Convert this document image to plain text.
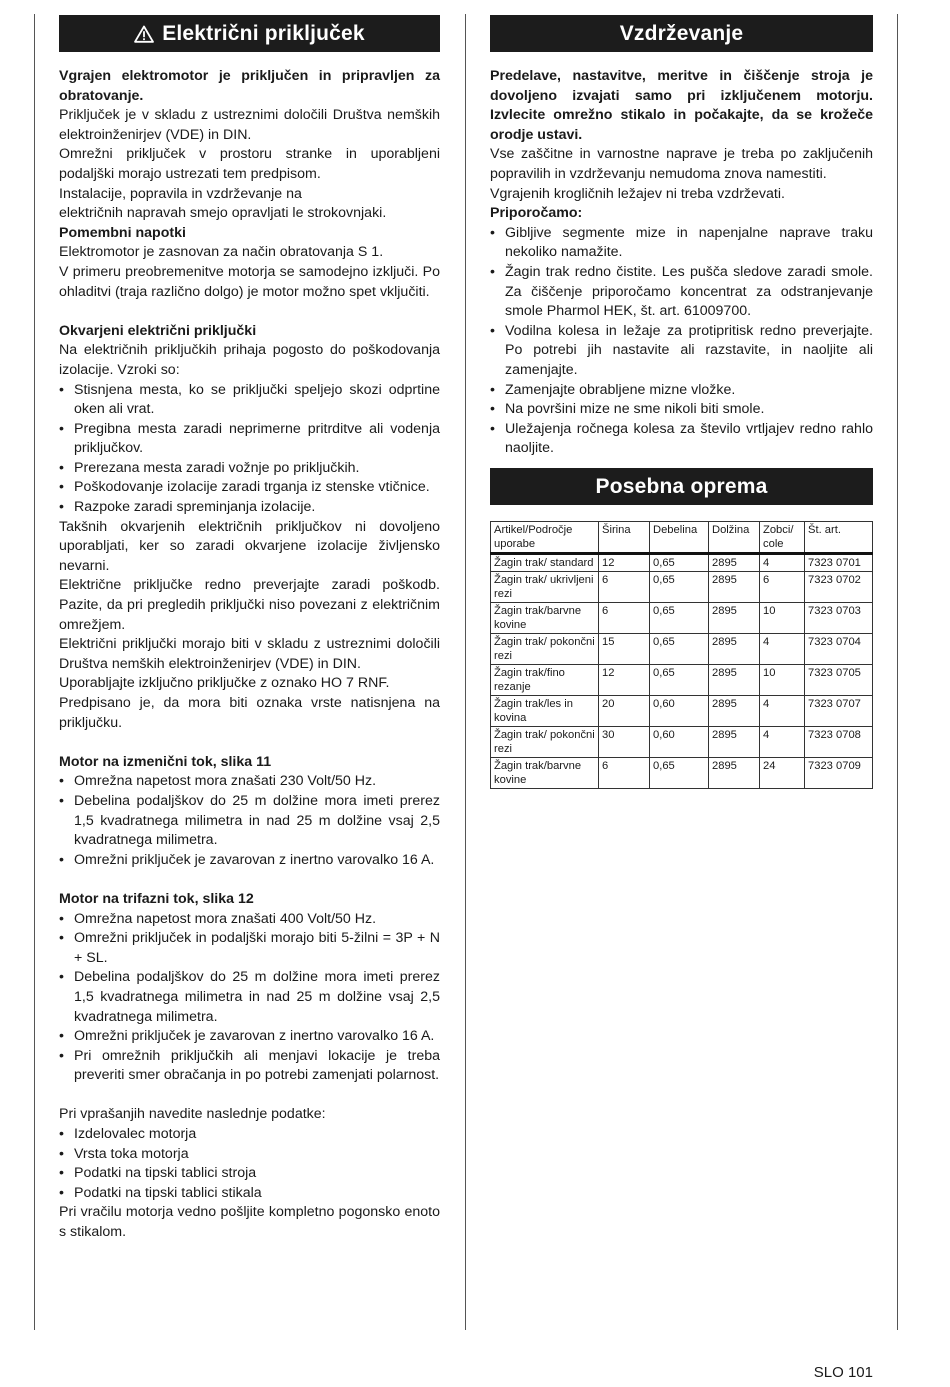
Električni priključek

Vgrajen elektromotor je priključen in pripravljen za obratovanje.

Priključek je v skladu z ustreznimi določili Društva nemških elektroinženirjev (VDE) in DIN.

Omrežni priključek v prostoru stranke in uporabljeni podaljški morajo ustrezati tem predpisom.

Instalacije, popravila in vzdrževanje na

električnih napravah smejo opravljati le strokovnjaki.

Pomembni napotki

Elektromotor je zasnovan za način obratovanja S 1.

V primeru preobremenitve motorja se samodejno izključi. Po ohladitvi (traja različno dolgo) je motor možno spet vključiti.

Okvarjeni električni priključki

Na električnih priključkih prihaja pogosto do poškodovanja izolacije. Vzroki so:

• Stisnjena mesta, ko se priključki speljejo skozi odprtine oken ali vrat.
• Pregibna mesta zaradi neprimerne pritrditve ali vodenja priključkov.
• Prerezana mesta zaradi vožnje po priključkih.
• Poškodovanje izolacije zaradi trganja iz stenske vtičnice.
• Razpoke zaradi spreminjanja izolacije.

Takšnih okvarjenih električnih priključkov ni dovoljeno uporabljati, ker so zaradi okvarjene izolacije življensko nevarni.

Električne priključke redno preverjajte zaradi poškodb. Pazite, da pri pregledih priključki niso povezani z električnim omrežjem.

Električni priključki morajo biti v skladu z ustreznimi določili Društva nemških elektroinženirjev (VDE) in DIN.

Uporabljajte izključno priključke z oznako HO 7 RNF.

Predpisano je, da mora biti oznaka vrste natisnjena na priključku.

Motor na izmenični tok, slika 11

• Omrežna napetost mora znašati 230 Volt/50 Hz.
• Debelina podaljškov do 25 m dolžine mora imeti prerez 1,5 kvadratnega milimetra in nad 25 m dolžine vsaj 2,5 kvadratnega milimetra.
• Omrežni priključek je zavarovan z inertno varovalko 16 A.

Motor na trifazni tok, slika 12

• Omrežna napetost mora znašati 400 Volt/50 Hz.
• Omrežni priključek in podaljški morajo biti 5-žilni = 3P + N + SL.
• Debelina podaljškov do 25 m dolžine mora imeti prerez 1,5 kvadratnega milimetra in nad 25 m dolžine vsaj 2,5 kvadratnega milimetra.
• Omrežni priključek je zavarovan z inertno varovalko 16 A.
• Pri omrežnih priključkih ali menjavi lokacije je treba preveriti smer obračanja in po potrebi zamenjati polarnost.

Pri vprašanjih navedite naslednje podatke:

• Izdelovalec motorja
• Vrsta toka motorja
• Podatki na tipski tablici stroja
• Podatki na tipski tablici stikala

Pri vračilu motorja vedno pošljite kompletno pogonsko enoto s stikalom.

Vzdrževanje

Predelave, nastavitve, meritve in čiščenje stroja je dovoljeno izvajati samo pri izključenem motorju. Izvlecite omrežno stikalo in počakajte, da se krožeče orodje ustavi.

Vse zaščitne in varnostne naprave je treba po zaključenih popravilih in vzdrževanju nemudoma znova namestiti.

Vgrajenih krogličnih ležajev ni treba vzdrževati.

Priporočamo:

• Gibljive segmente mize in napenjalne naprave traku nekoliko namažite.
• Žagin trak redno čistite. Les pušča sledove zaradi smole. Za čiščenje priporočamo koncentrat za odstranjevanje smole Pharmol HEK, št. art. 61009700.
• Vodilna kolesa in ležaje za protipritisk redno preverjajte. Po potrebi jih nastavite ali razstavite, in naoljite ali zamenjajte.
• Zamenjajte obrabljene mizne vložke.
• Na površini mize ne sme nikoli biti smole.
• Uležajenja ročnega kolesa za število vrtljajev redno rahlo naoljite.
Posebna oprema
Artikel/Področje uporabe	Širina	Debelina	Dolžina	Zobci/ cole	Št. art.
Žagin trak/ standard	12	0,65	2895	4	7323 0701
Žagin trak/ ukrivljeni rezi	6	0,65	2895	6	7323 0702
Žagin trak/barvne kovine	6	0,65	2895	10	7323 0703
Žagin trak/ pokončni rezi	15	0,65	2895	4	7323 0704
Žagin trak/fino rezanje	12	0,65	2895	10	7323 0705
Žagin trak/les in kovina	20	0,60	2895	4	7323 0707
Žagin trak/ pokončni rezi	30	0,60	2895	4	7323 0708
Žagin trak/barvne kovine	6	0,65	2895	24	7323 0709
SLO 101
